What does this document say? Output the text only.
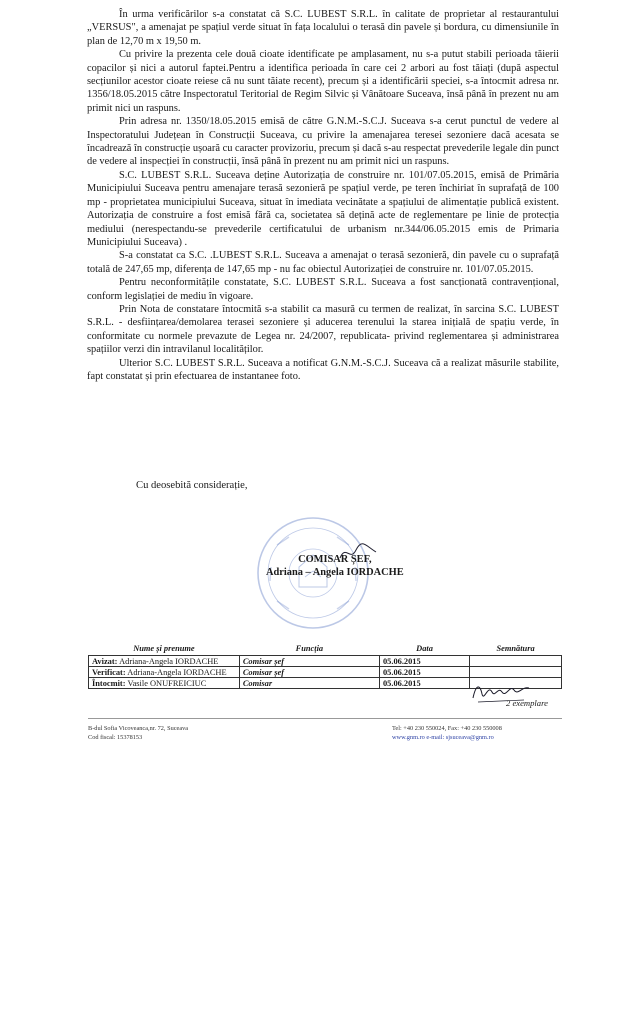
În urma verificărilor s-a constatat că S.C. LUBEST S.R.L. în calitate de proprietar al restaurantului „VERSUS", a amenajat pe spațiul verde situat în fața localului o terasă din pavele și bordura, cu dimensiunile în plan de 12,70 m x 19,50 m.

Cu privire la prezenta cele două cioate identificate pe amplasament, nu s-a putut stabili perioada tăierii copacilor și nici a autorul faptei.Pentru a identifica perioada în care cei 2 arbori au fost tăiați (după aspectul secțiunilor acestor cioate reiese că nu sunt tăiate recent), precum și a identificării speciei, s-a întocmit adresa nr. 1356/18.05.2015 către Inspectoratul Teritorial de Regim Silvic și Vânătoare Suceava, însă până în prezent nu am primit nici un raspuns.

Prin adresa nr. 1350/18.05.2015 emisă de către G.N.M.-S.C.J. Suceava s-a cerut punctul de vedere al Inspectoratului Județean în Construcții Suceava, cu privire la amenajarea teresei sezoniere dacă acesata se încadrează în construcție ușoară cu caracter provizoriu, precum și dacă s-au respectat prevederile legale din punct de vedere al inspecției în construcții, însă până în prezent nu am primit nici un raspuns.

S.C. LUBEST S.R.L. Suceava deține Autorizația de construire nr. 101/07.05.2015, emisă de Primăria Municipiului Suceava pentru amenajare terasă sezonieră pe spațiul verde, pe teren închiriat în suprafață de 100 mp - proprietatea municipiului Suceava, situat în imediata vecinătate a spațiului de alimentație publică existent. Autorizația de construire a fost emisă fără ca, societatea să dețină acte de reglementare pe linie de protecția mediului (nerespectandu-se prevederile certificatului de urbanism nr.344/06.05.2015 emis de Primaria Municipiului Suceava) .

S-a constatat ca S.C. .LUBEST S.R.L. Suceava a amenajat o terasă sezonieră, din pavele cu o suprafață totală de 247,65 mp, diferența de 147,65 mp - nu fac obiectul Autorizației de construire nr. 101/07.05.2015.

Pentru neconformitățile constatate, S.C. LUBEST S.R.L. Suceava a fost sancționată contravențional, conform legislației de mediu în vigoare.

Prin Nota de constatare întocmită s-a stabilit ca masură cu termen de realizat, în sarcina S.C. LUBEST S.R.L. - desființarea/demolarea terasei sezoniere și aducerea terenului la starea inițială de spațiu verde, în conformitate cu normele prevazute de Legea nr. 24/2007, republicata- privind reglementarea și administrarea spațiilor verzi din intravilanul localităților.

Ulterior S.C. LUBEST S.R.L. Suceava a notificat G.N.M.-S.C.J. Suceava că a realizat măsurile stabilite, fapt constatat și prin efectuarea de instantanee foto.

Cu deosebită considerație,
COMISAR ȘEF,
Adriana – Angela IORDACHE
Nume și prenume	Funcția	Data	Semnătura
Avizat: Adriana-Angela IORDACHE	Comisar șef	05.06.2015	
Verificat: Adriana-Angela IORDACHE	Comisar șef	05.06.2015	
Întocmit: Vasile ONUFREICIUC	Comisar	05.06.2015	
2 exemplare
B-dul Sofia Vicoveanca,nr. 72, Suceava
Cod fiscal: 15378153
Tel: +40 230 550024, Fax: +40 230 550008
www.gnm.ro e-mail: sjsuceava@gnm.ro
